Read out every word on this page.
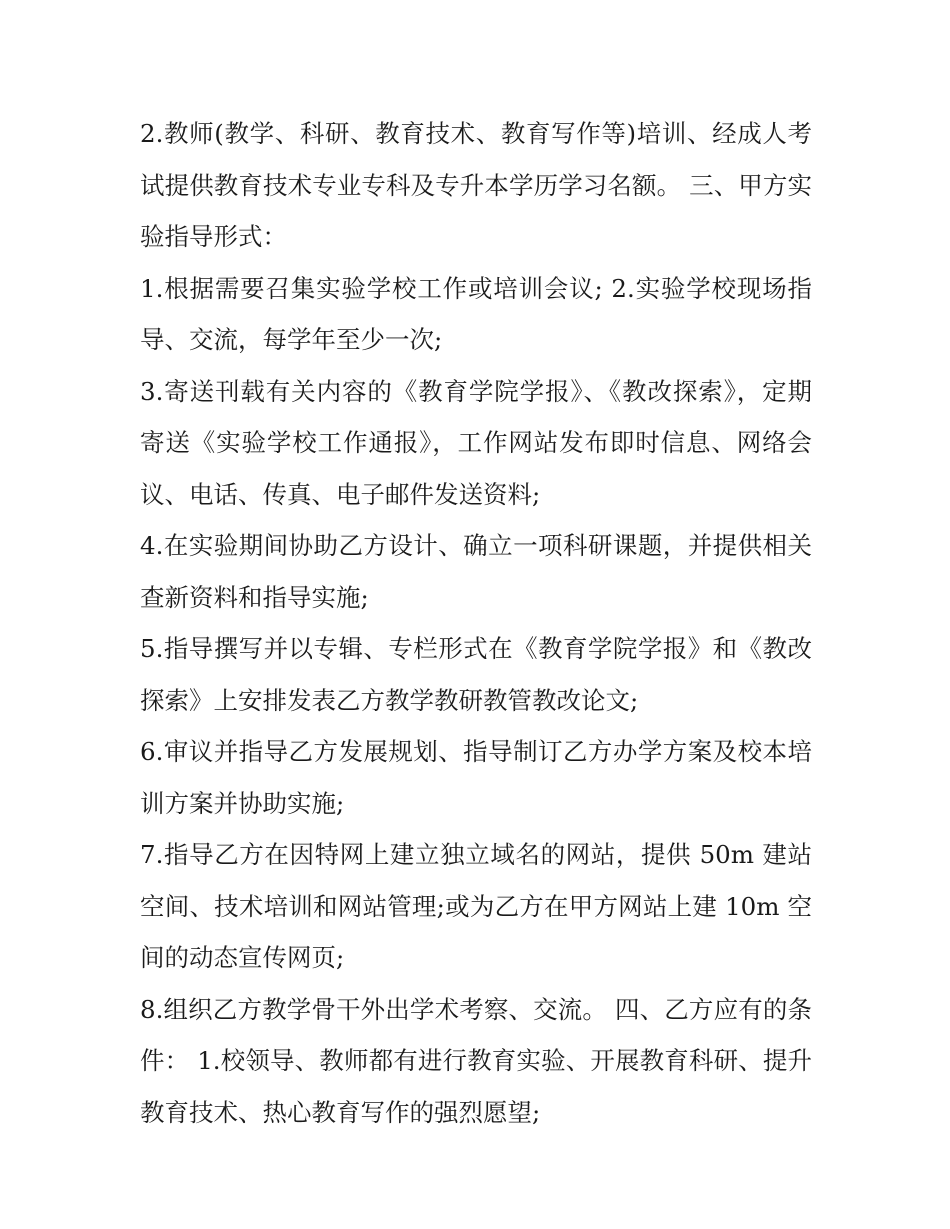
2.教师(教学、科研、教育技术、教育写作等)培训、经成人考试提供教育技术专业专科及专升本学历学习名额。 三、甲方实验指导形式：

1.根据需要召集实验学校工作或培训会议; 2.实验学校现场指导、交流，每学年至少一次;

3.寄送刊载有关内容的《教育学院学报》、《教改探索》，定期寄送《实验学校工作通报》，工作网站发布即时信息、网络会议、电话、传真、电子邮件发送资料;

4.在实验期间协助乙方设计、确立一项科研课题，并提供相关查新资料和指导实施;

5.指导撰写并以专辑、专栏形式在《教育学院学报》和《教改探索》上安排发表乙方教学教研教管教改论文;

6.审议并指导乙方发展规划、指导制订乙方办学方案及校本培训方案并协助实施;

7.指导乙方在因特网上建立独立域名的网站，提供 50m 建站空间、技术培训和网站管理;或为乙方在甲方网站上建 10m 空间的动态宣传网页;

8.组织乙方教学骨干外出学术考察、交流。 四、乙方应有的条件： 1.校领导、教师都有进行教育实验、开展教育科研、提升教育技术、热心教育写作的强烈愿望;
